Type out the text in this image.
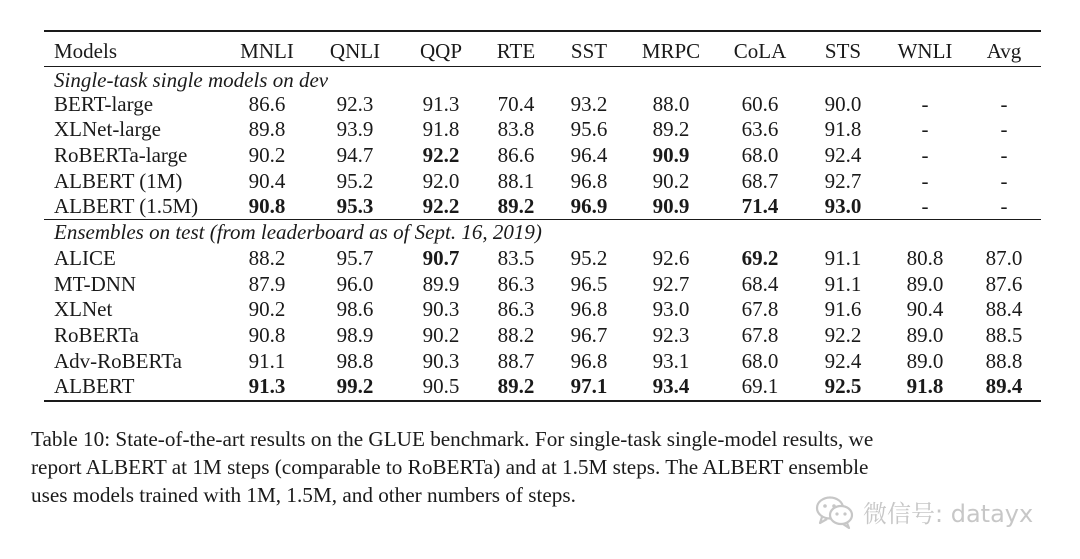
Models	MNLI QNLI QQP RTE SST MRPC CoLA STS WNLI Avg
Single-task single models on dev
BERT-large	86.6 92.3 91.3 70.4 93.2 88.0 60.6 90.0	-	-
XLNet-large	89.8 93.9 91.8 83.8 95.6 89.2 63.6 91.8	-	-
RoBERTa-large	90.2 94.7 92.2 86.6 96.4 90.9 68.0 92.4	-	-
ALBERT (1M)	90.4 95.2 92.0 88.1 96.8 90.2 68.7 92.7	-	-
ALBERT (1.5M) 90.8 95.3 92.2 89.2 96.9 90.9 71.4 93.0	-	-
Ensembles on test (from leaderboard as of Sept. 16, 2019)
ALICE	88.2 95.7 90.7 83.5 95.2 92.6 69.2 91.1 80.8 87.0
MT-DNN	87.9 96.0 89.9 86.3 96.5 92.7 68.4 91.1 89.0 87.6
XLNet	90.2 98.6 90.3 86.3 96.8 93.0 67.8 91.6 90.4 88.4
RoBERTa	90.8 98.9 90.2 88.2 96.7 92.3 67.8 92.2 89.0 88.5
Adv-RoBERTa	91.1 98.8 90.3 88.7 96.8 93.1 68.0 92.4 89.0 88.8
ALBERT	91.3 99.2 90.5 89.2 97.1 93.4 69.1 92.5 91.8 89.4

Table 10: State-of-the-art results on the GLUE benchmark. For single-task single-model results, we

report ALBERT at 1M steps (comparable to RoBERTa) and at 1.5M steps. The ALBERT ensemble

uses models trained with 1M, 1.5M, and other numbers of steps.

微信号: datayx
